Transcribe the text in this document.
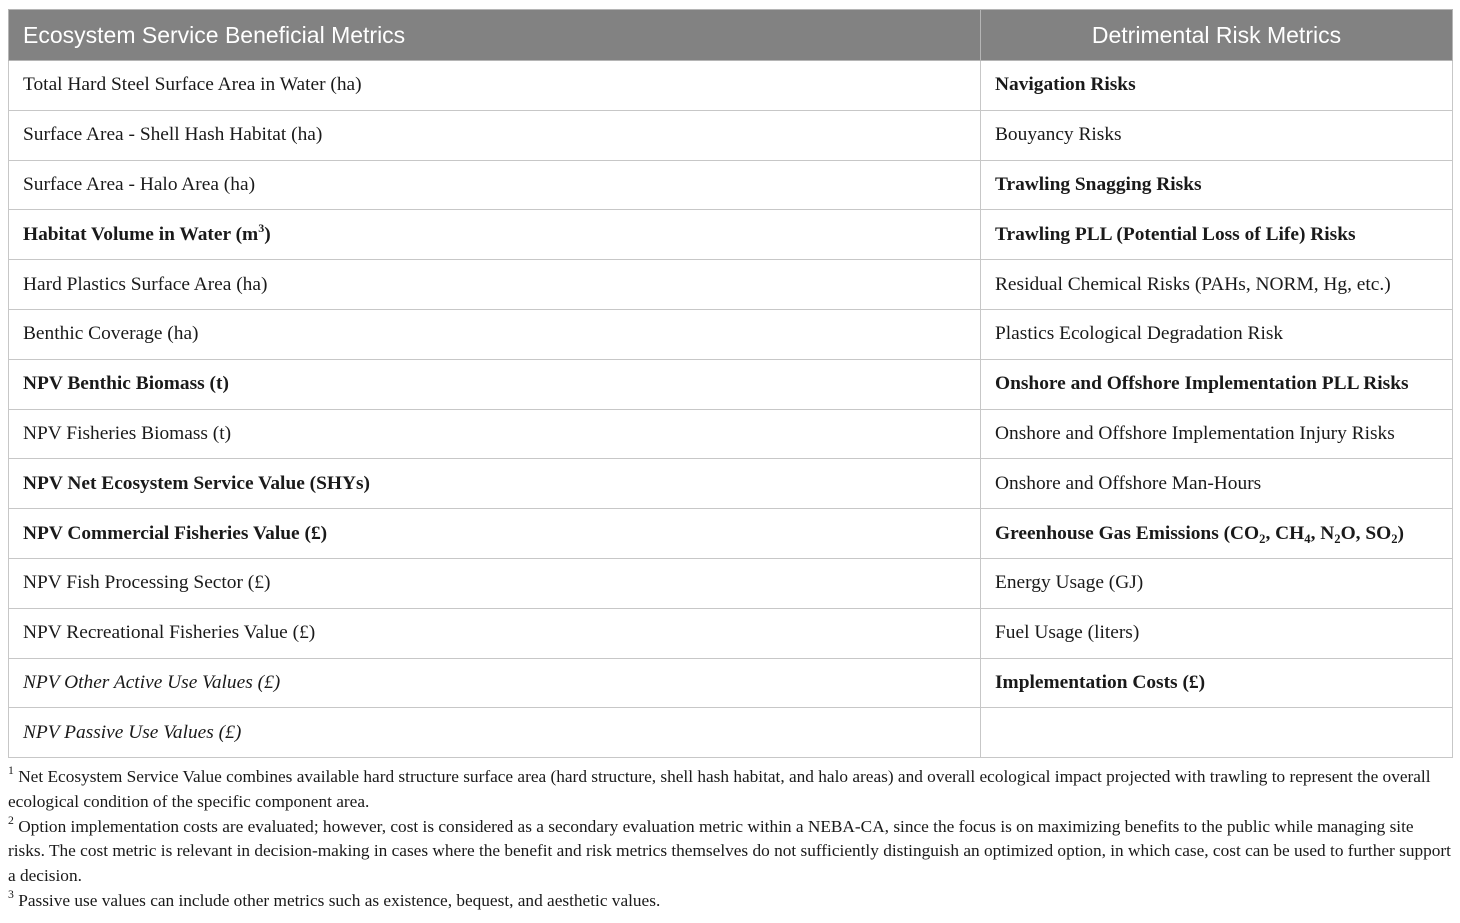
Ecosystem Service Beneficial Metrics	Detrimental Risk Metrics
Total Hard Steel Surface Area in Water (ha)	Navigation Risks
Surface Area - Shell Hash Habitat (ha)	Bouyancy Risks
Surface Area - Halo Area (ha)	Trawling Snagging Risks
Habitat Volume in Water $(m^3)$	Trawling PLL (Potential Loss of Life) Risks
Hard Plastics Surface Area (ha)	Residual Chemical Risks (PAHs, NORM, Hg, etc.)
Benthic Coverage (ha)	Plastics Ecological Degradation Risk
NPV Benthic Biomass (t)	Onshore and Offshore Implementation PLL Risks
NPV Fisheries Biomass (t)	Onshore and Offshore Implementation Injury Risks
NPV Net Ecosystem Service Value (SHYs)	Onshore and Offshore Man-Hours
NPV Commercial Fisheries Value (£)	Greenhouse Gas Emissions ($CO_2$, $CH_4$, $N_2O$, $SO_2$)
NPV Fish Processing Sector (£)	Energy Usage (GJ)
NPV Recreational Fisheries Value (£)	Fuel Usage (liters)
NPV Other Active Use Values (£)	Implementation Costs (£)
NPV Passive Use Values (£)	

$^1$ Net Ecosystem Service Value combines available hard structure surface area (hard structure, shell hash habitat, and halo areas) and overall ecological impact projected with trawling to represent the overall ecological condition of the specific component area.

$^2$ Option implementation costs are evaluated; however, cost is considered as a secondary evaluation metric within a NEBA-CA, since the focus is on maximizing benefits to the public while managing site risks. The cost metric is relevant in decision-making in cases where the benefit and risk metrics themselves do not sufficiently distinguish an optimized option, in which case, cost can be used to further support a decision.

$^3$ Passive use values can include other metrics such as existence, bequest, and aesthetic values.
